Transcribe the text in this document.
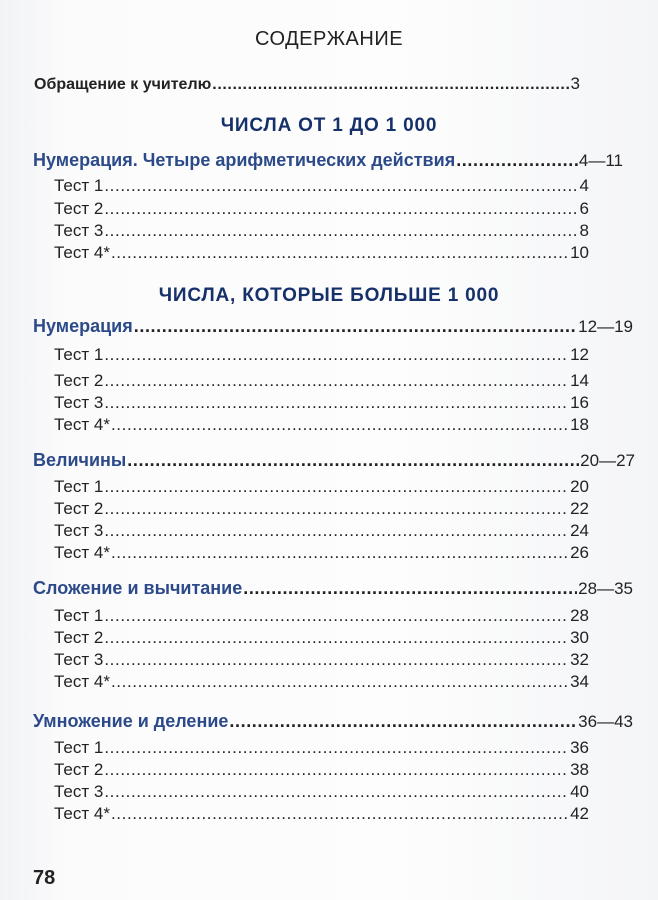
СОДЕРЖАНИЕ
Обращение к учителю .....	3
ЧИСЛА ОТ 1 ДО 1 000
Нумерация. Четыре арифметических действия .....	4—11
Тест 1 .....	4
Тест 2 .....	6
Тест 3 .....	8
Тест 4* .....	10
ЧИСЛА, КОТОРЫЕ БОЛЬШЕ 1 000
Нумерация .....	12—19
Тест 1 .....	12
Тест 2 .....	14
Тест 3 .....	16
Тест 4* .....	18
Величины .....	20—27
Тест 1 .....	20
Тест 2 .....	22
Тест 3 .....	24
Тест 4* .....	26
Сложение и вычитание .....	28—35
Тест 1 .....	28
Тест 2 .....	30
Тест 3 .....	32
Тест 4* .....	34
Умножение и деление .....	36—43
Тест 1 .....	36
Тест 2 .....	38
Тест 3 .....	40
Тест 4* .....	42
78
